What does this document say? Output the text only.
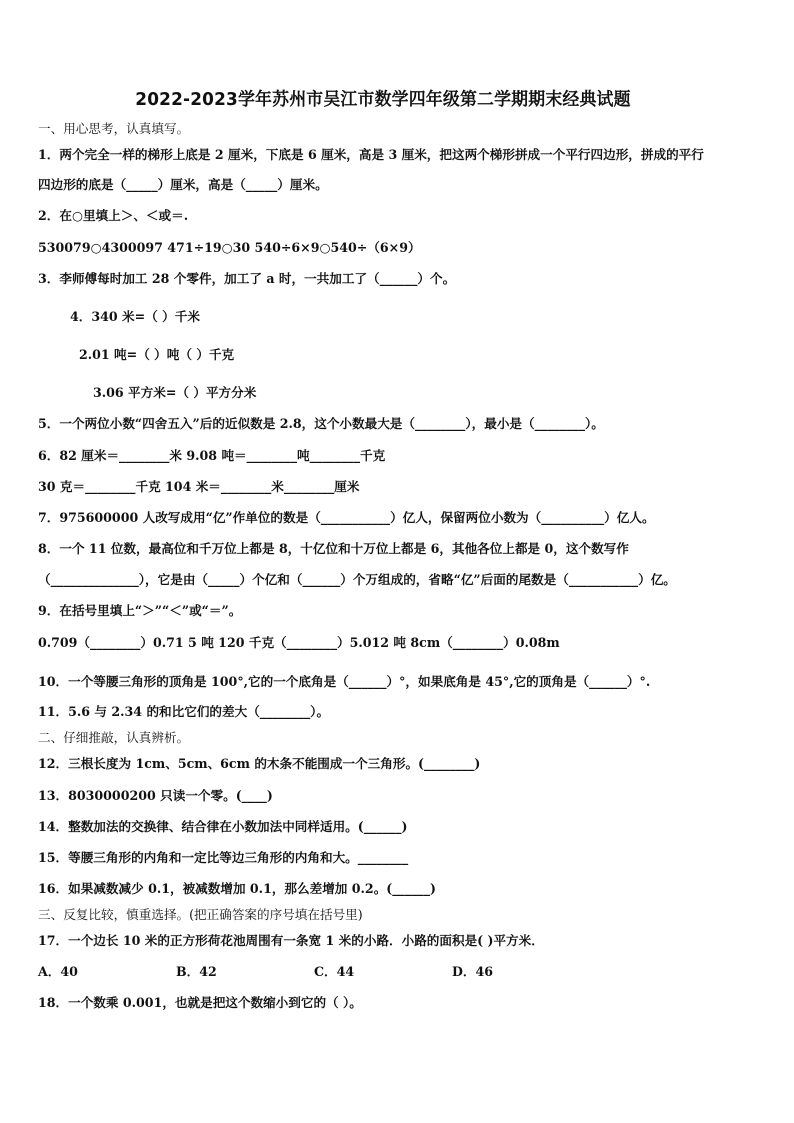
2022-2023学年苏州市吴江市数学四年级第二学期期末经典试题
一、用心思考，认真填写。
1．两个完全一样的梯形上底是 2 厘米，下底是 6 厘米，高是 3 厘米，把这两个梯形拼成一个平行四边形，拼成的平行
四边形的底是（_____）厘米，高是（_____）厘米。
2．在○里填上＞、＜或＝.
530079○4300097 471÷19○30 540÷6×9○540÷（6×9）
3．李师傅每时加工 28 个零件，加工了 a 时，一共加工了（______）个。
4．340 米=（ ）千米
2.01 吨=（ ）吨（ ）千克
3.06 平方米=（ ）平方分米
5．一个两位小数“四舍五入”后的近似数是 2.8，这个小数最大是（________），最小是（________）。
6．82 厘米＝________米 9.08 吨＝________吨________千克
30 克＝________千克 104 米＝________米________厘米
7．975600000 人改写成用“亿”作单位的数是（___________）亿人，保留两位小数为（__________）亿人。
8．一个 11 位数，最高位和千万位上都是 8，十亿位和十万位上都是 6，其他各位上都是 0，这个数写作
（______________），它是由（_____）个亿和（______）个万组成的，省略“亿”后面的尾数是（___________）亿。
9．在括号里填上“＞”“＜”或“＝”。
0.709（________）0.71 5 吨 120 千克（________）5.012 吨 8cm（________）0.08m
10．一个等腰三角形的顶角是 100°,它的一个底角是（______）°，如果底角是 45°,它的顶角是（______）°.
11．5.6 与 2.34 的和比它们的差大（________）。
二、仔细推敲，认真辨析。
12．三根长度为 1cm、5cm、6cm 的木条不能围成一个三角形。(________)
13．8030000200 只读一个零。(____)
14．整数加法的交换律、结合律在小数加法中同样适用。(______)
15．等腰三角形的内角和一定比等边三角形的内角和大。________
16．如果减数减少 0.1，被减数增加 0.1，那么差增加 0.2。(______)
三、反复比较，慎重选择。(把正确答案的序号填在括号里)
17．一个边长 10 米的正方形荷花池周围有一条宽 1 米的小路．小路的面积是( )平方米．
A．40	B．42	C．44	D．46
18．一个数乘 0.001，也就是把这个数缩小到它的（ ）。
